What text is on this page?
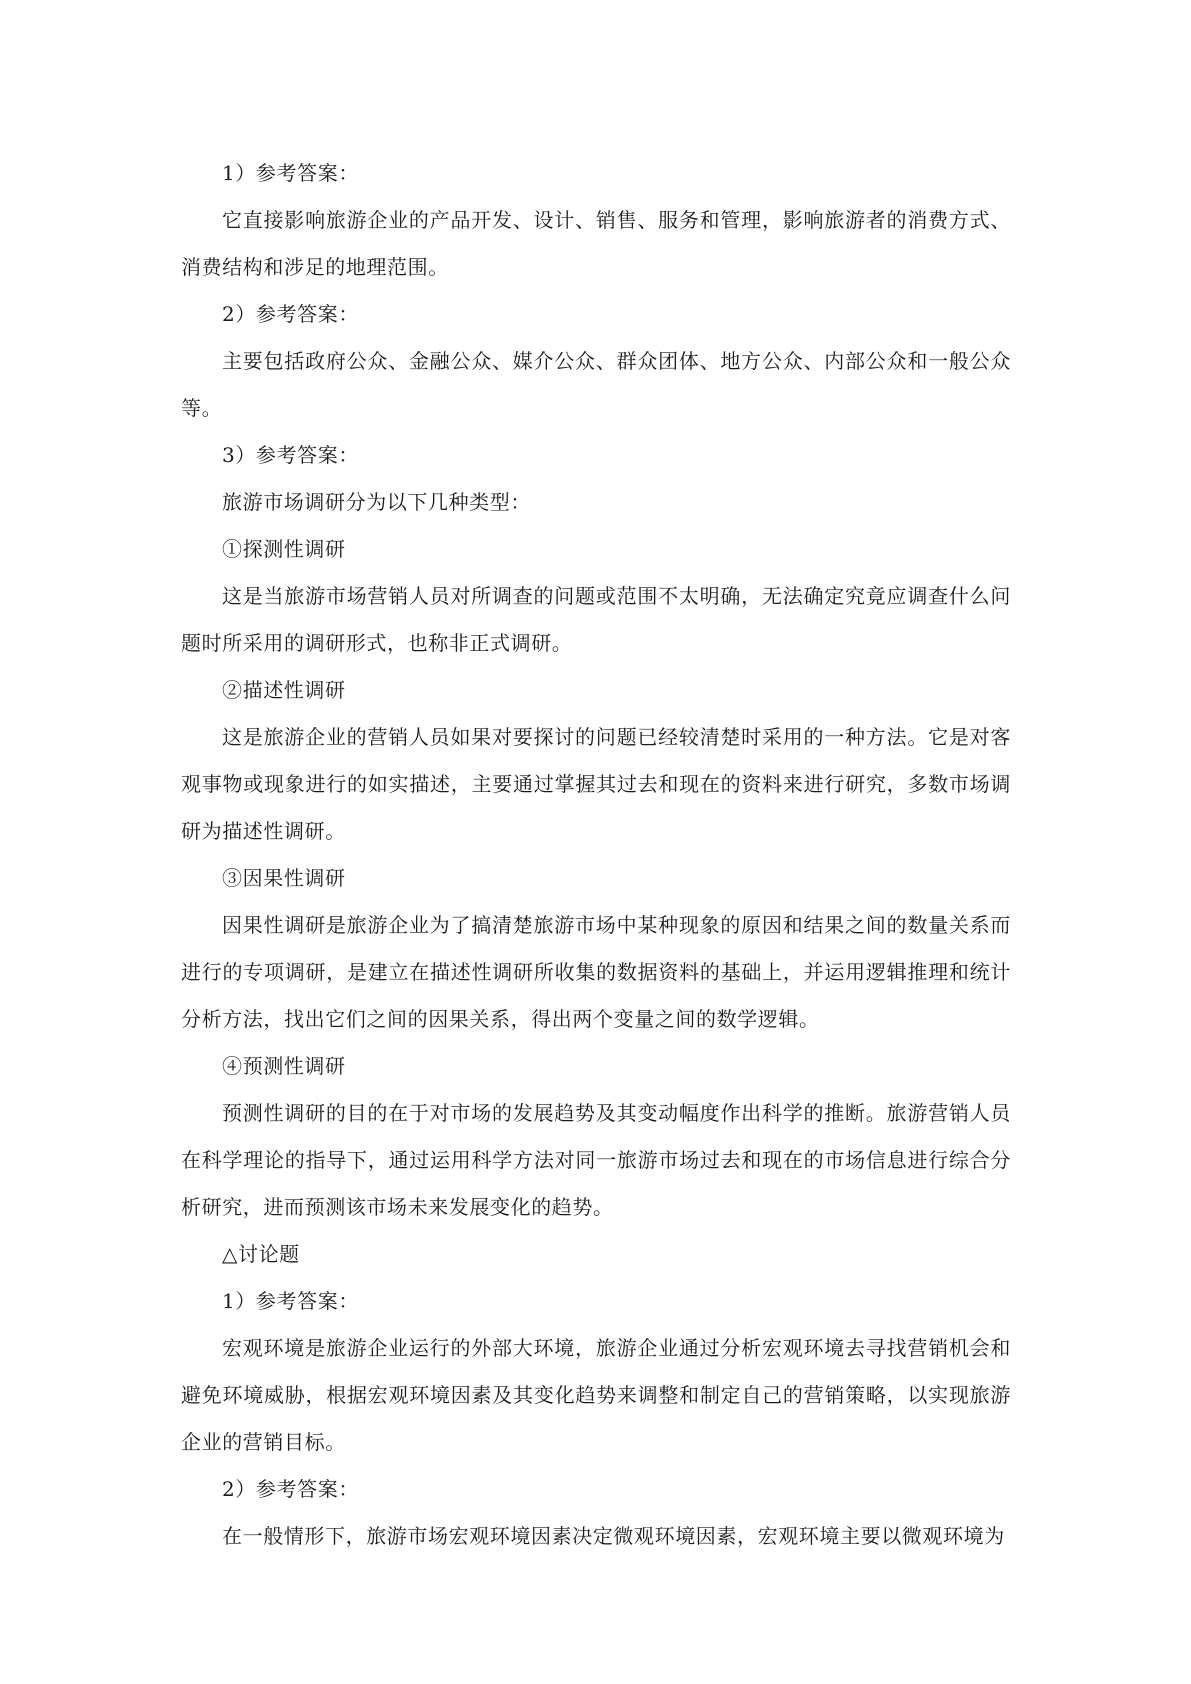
1）参考答案：

它直接影响旅游企业的产品开发、设计、销售、服务和管理，影响旅游者的消费方式、消费结构和涉足的地理范围。

2）参考答案：

主要包括政府公众、金融公众、媒介公众、群众团体、地方公众、内部公众和一般公众等。

3）参考答案：

旅游市场调研分为以下几种类型：

①探测性调研

这是当旅游市场营销人员对所调查的问题或范围不太明确，无法确定究竟应调查什么问题时所采用的调研形式，也称非正式调研。

②描述性调研

这是旅游企业的营销人员如果对要探讨的问题已经较清楚时采用的一种方法。它是对客观事物或现象进行的如实描述，主要通过掌握其过去和现在的资料来进行研究，多数市场调研为描述性调研。

③因果性调研

因果性调研是旅游企业为了搞清楚旅游市场中某种现象的原因和结果之间的数量关系而进行的专项调研，是建立在描述性调研所收集的数据资料的基础上，并运用逻辑推理和统计分析方法，找出它们之间的因果关系，得出两个变量之间的数学逻辑。

④预测性调研

预测性调研的目的在于对市场的发展趋势及其变动幅度作出科学的推断。旅游营销人员在科学理论的指导下，通过运用科学方法对同一旅游市场过去和现在的市场信息进行综合分析研究，进而预测该市场未来发展变化的趋势。

△讨论题

1）参考答案：

宏观环境是旅游企业运行的外部大环境，旅游企业通过分析宏观环境去寻找营销机会和避免环境威胁，根据宏观环境因素及其变化趋势来调整和制定自己的营销策略，以实现旅游企业的营销目标。

2）参考答案：

在一般情形下，旅游市场宏观环境因素决定微观环境因素，宏观环境主要以微观环境为
